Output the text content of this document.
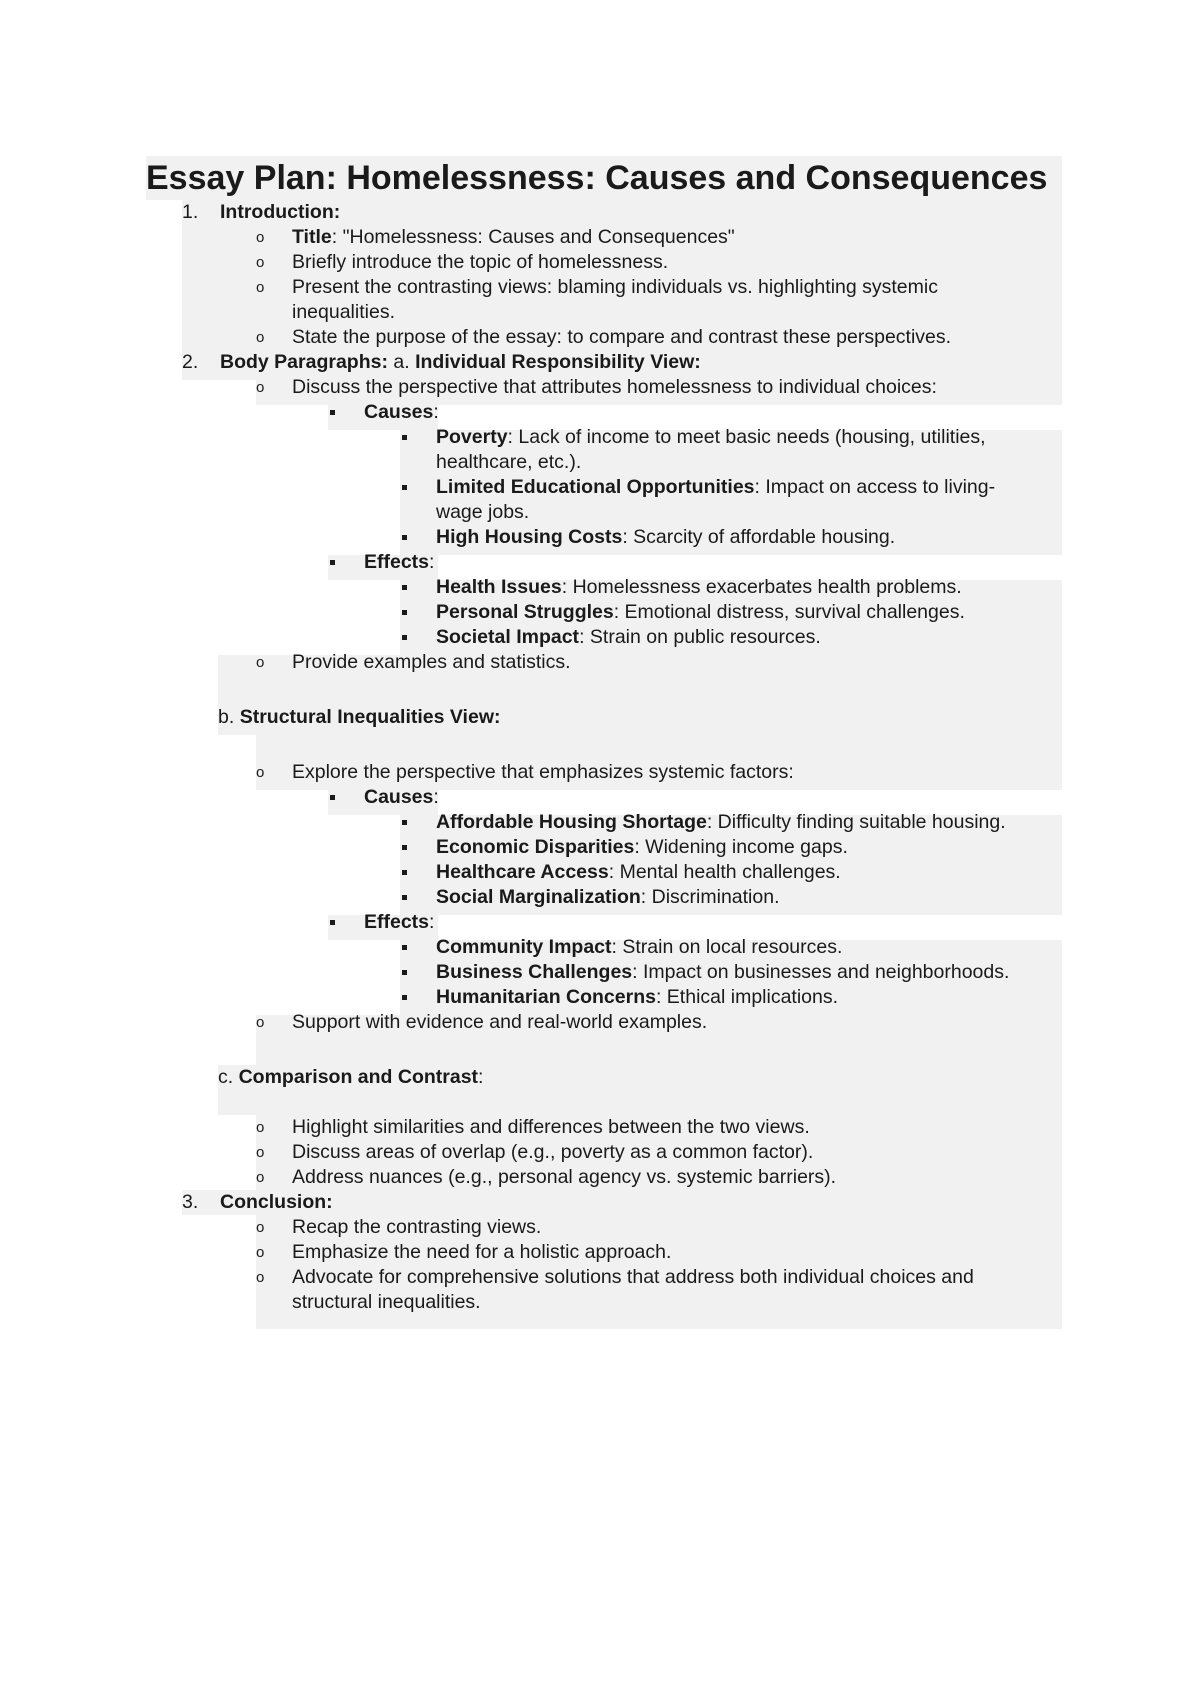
Essay Plan: Homelessness: Causes and Consequences
1. Introduction:
o Title: "Homelessness: Causes and Consequences"
o Briefly introduce the topic of homelessness.
o Present the contrasting views: blaming individuals vs. highlighting systemic
inequalities.
o State the purpose of the essay: to compare and contrast these perspectives.
2. Body Paragraphs: a. Individual Responsibility View:
o Discuss the perspective that attributes homelessness to individual choices:
Causes:
Poverty: Lack of income to meet basic needs (housing, utilities,
healthcare, etc.).
Limited Educational Opportunities: Impact on access to living-
wage jobs.
High Housing Costs: Scarcity of affordable housing.
Effects:
Health Issues: Homelessness exacerbates health problems.
Personal Struggles: Emotional distress, survival challenges.
Societal Impact: Strain on public resources.
o Provide examples and statistics.
b. Structural Inequalities View:
o Explore the perspective that emphasizes systemic factors:
Causes:
Affordable Housing Shortage: Difficulty finding suitable housing.
Economic Disparities: Widening income gaps.
Healthcare Access: Mental health challenges.
Social Marginalization: Discrimination.
Effects:
Community Impact: Strain on local resources.
Business Challenges: Impact on businesses and neighborhoods.
Humanitarian Concerns: Ethical implications.
o Support with evidence and real-world examples.
c. Comparison and Contrast:
o Highlight similarities and differences between the two views.
o Discuss areas of overlap (e.g., poverty as a common factor).
o Address nuances (e.g., personal agency vs. systemic barriers).
3. Conclusion:
o Recap the contrasting views.
o Emphasize the need for a holistic approach.
o Advocate for comprehensive solutions that address both individual choices and
structural inequalities.
